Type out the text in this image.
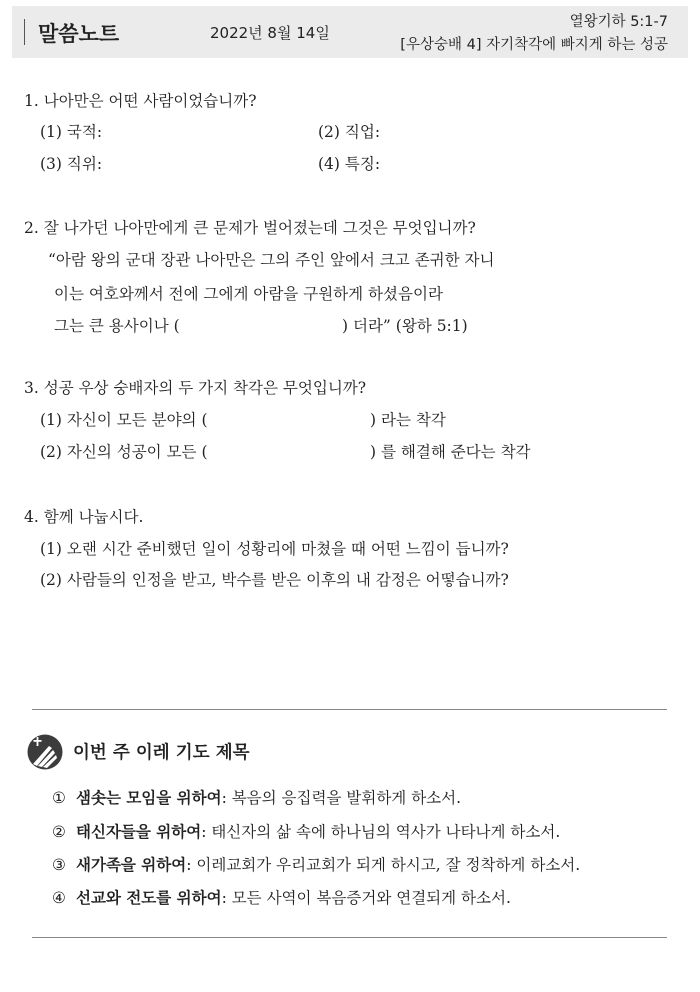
말씀노트	2022년 8월 14일
열왕기하 5:1-7
[우상숭배 4] 자기착각에 빠지게 하는 성공
1. 나아만은 어떤 사람이었습니까?
(1) 국적:	(2) 직업:
(3) 직위:	(4) 특징:
2. 잘 나가던 나아만에게 큰 문제가 벌어졌는데 그것은 무엇입니까?
“아람 왕의 군대 장관 나아만은 그의 주인 앞에서 크고 존귀한 자니
이는 여호와께서 전에 그에게 아람을 구원하게 하셨음이라
그는 큰 용사이나 (	) 더라” (왕하 5:1)
3. 성공 우상 숭배자의 두 가지 착각은 무엇입니까?
(1) 자신이 모든 분야의 (	) 라는 착각
(2) 자신의 성공이 모든 (	) 를 해결해 준다는 착각
4. 함께 나눕시다.
(1) 오랜 시간 준비했던 일이 성황리에 마쳤을 때 어떤 느낌이 듭니까?
(2) 사람들의 인정을 받고, 박수를 받은 이후의 내 감정은 어떻습니까?
이번 주 이레 기도 제목
① 샘솟는 모임을 위하여: 복음의 응집력을 발휘하게 하소서.
② 태신자들을 위하여: 태신자의 삶 속에 하나님의 역사가 나타나게 하소서.
③ 새가족을 위하여: 이레교회가 우리교회가 되게 하시고, 잘 정착하게 하소서.
④ 선교와 전도를 위하여: 모든 사역이 복음증거와 연결되게 하소서.
